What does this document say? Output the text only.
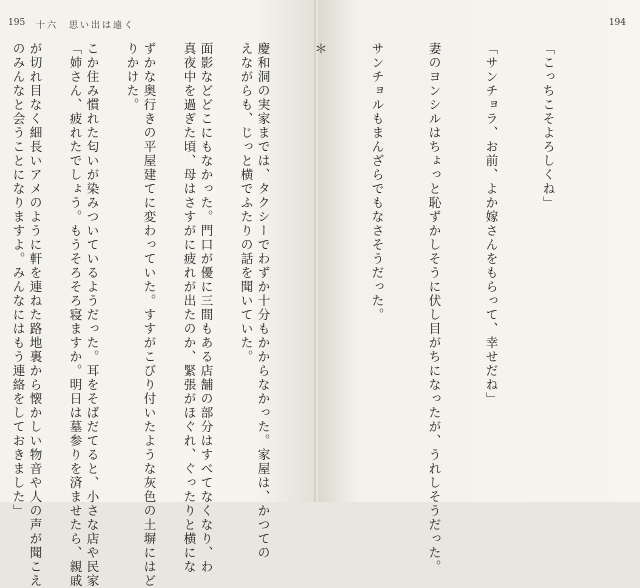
195 十六　思い出は遠く

えながらも、じっと横でふたりの話を聞いていた。

真夜中を過ぎた頃、母はさすがに疲れが出たのか、緊張がほぐれ、ぐったりと横にな

りかけた。

「姉さん、疲れたでしょう。もうそろそろ寝ますか。明日は墓参りを済ませたら、親戚

のみんなと会うことになりますよ。みんなにはもう連絡をしておきました」

194

「こっちこそよろしくね」

「サンチョラ、お前、よか嫁さんをもらって、幸せだね」

妻のヨンシルはちょっと恥ずかしそうに伏し目がちになったが、うれしそうだった。

サンチョルもまんざらでもなさそうだった。

＊

慶和洞の実家までは、タクシーでわずか十分もかからなかった。家屋は、かつての

面影などどこにもなかった。門口が優に三間もある店舗の部分はすべてなくなり、わ

ずかな奥行きの平屋建てに変わっていた。すすがこびり付いたような灰色の土塀にはど

こか住み慣れた匂いが染みついているようだった。耳をそばだてると、小さな店や民家

が切れ目なく細長いアメのように軒を連ねた路地裏から懐かしい物音や人の声が聞こえ
